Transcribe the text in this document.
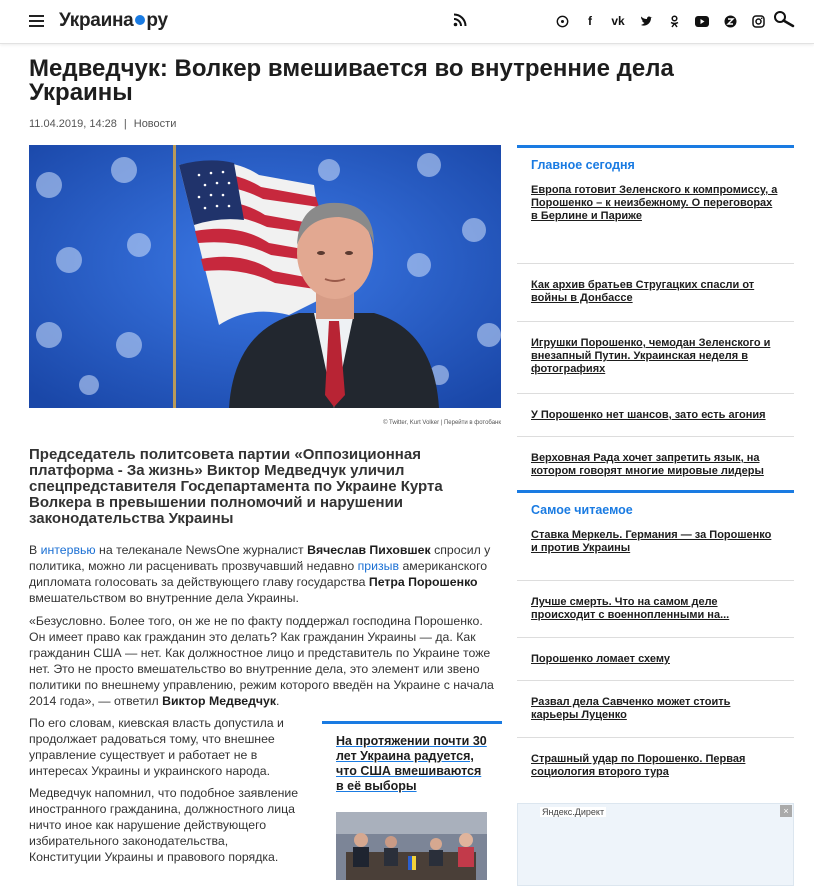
Украина ру	f	vk
Медведчук: Волкер вмешивается во внутренние дела Украины
11.04.2019, 14:28 | Новости
© Twitter, Kurt Volker | Перейти в фотобанк
Председатель политсовета партии «Оппозиционная платформа - За жизнь» Виктор Медведчук уличил спецпредставителя Госдепартамента по Украине Курта Волкера в превышении полномочий и нарушении законодательства Украины

В интервью на телеканале NewsOne журналист Вячеслав Пиховшек спросил у политика, можно ли расценивать прозвучавший недавно призыв американского дипломата голосовать за действующего главу государства Петра Порошенко вмешательством во внутренние дела Украины.

«Безусловно. Более того, он же не по факту поддержал господина Порошенко. Он имеет право как гражданин это делать? Как гражданин Украины — да. Как гражданин США — нет. Как должностное лицо и представитель по Украине тоже нет. Это не просто вмешательство во внутренние дела, это элемент или звено политики по внешнему управлению, режим которого введён на Украине с начала 2014 года», — ответил Виктор Медведчук.

По его словам, киевская власть допустила и продолжает радоваться тому, что внешнее управление существует и работает не в интересах Украины и украинского народа.

Медведчук напомнил, что подобное заявление иностранного гражданина, должностного лица ничто иное как нарушение действующего избирательного законодательства, Конституции Украины и правового порядка.

На протяжении почти 30 лет Украина радуется, что США вмешиваются в её выборы
Главное сегодня
Европа готовит Зеленского к компромиссу, а Порошенко – к неизбежному. О переговорах в Берлине и Париже
Как архив братьев Стругацких спасли от войны в Донбассе
Игрушки Порошенко, чемодан Зеленского и внезапный Путин. Украинская неделя в фотографиях
У Порошенко нет шансов, зато есть агония
Верховная Рада хочет запретить язык, на котором говорят многие мировые лидеры
Самое читаемое
Ставка Меркель. Германия — за Порошенко и против Украины
Лучше смерть. Что на самом деле происходит с военнопленными на...
Порошенко ломает схему
Развал дела Савченко может стоить карьеры Луценко
Страшный удар по Порошенко. Первая социология второго тура
Яндекс.Директ	×
